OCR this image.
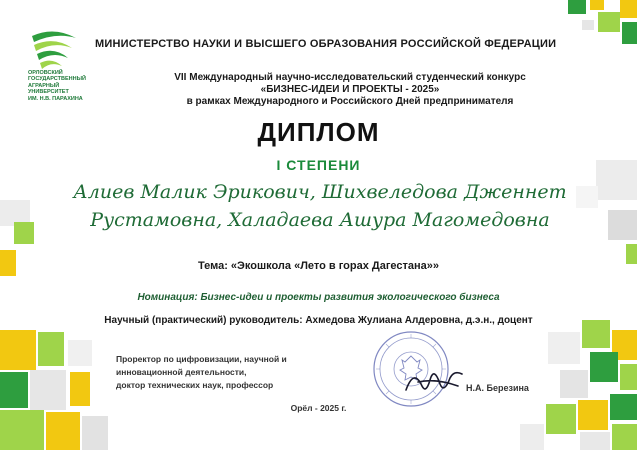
ОРЛОВСКИЙ
ГОСУДАРСТВЕННЫЙ
АГРАРНЫЙ
УНИВЕРСИТЕТ
ИМ. Н.В. ПАРАХИНА
МИНИСТЕРСТВО НАУКИ И ВЫСШЕГО ОБРАЗОВАНИЯ РОССИЙСКОЙ ФЕДЕРАЦИИ
VII Международный научно-исследовательский студенческий конкурс
«БИЗНЕС-ИДЕИ И ПРОЕКТЫ - 2025»
в рамках Международного и Российского Дней предпринимателя
ДИПЛОМ
I СТЕПЕНИ
Алиев Малик Эрикович, Шихвеледова Дженнет
Рустамовна, Халадаева Ашура Магомедовна
Тема: «Экошкола «Лето в горах Дагестана»»
Номинация: Бизнес-идеи и проекты развития экологического бизнеса
Научный (практический) руководитель: Ахмедова Жулиана Алдеровна, д.э.н., доцент
Проректор по цифровизации, научной и
инновационной деятельности,
доктор технических наук, профессор	Н.А. Березина
Орёл - 2025 г.
